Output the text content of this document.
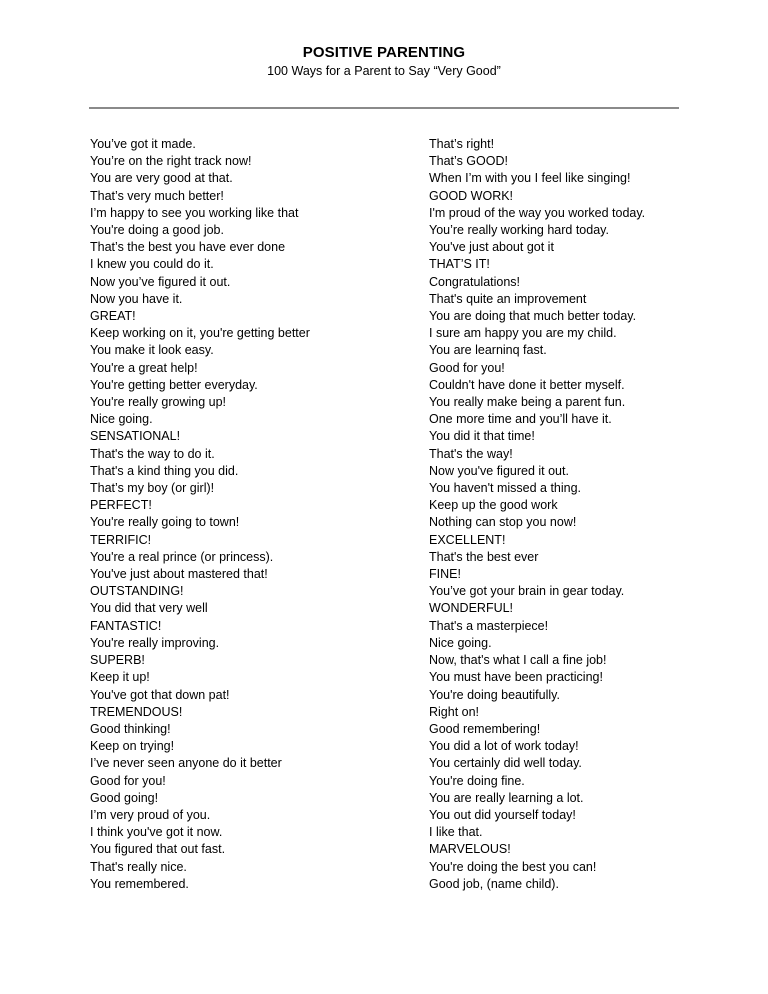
POSITIVE PARENTING
100 Ways for a Parent to Say “Very Good”
You’ve got it made.
You’re on the right track now!
You are very good at that.
That’s very much better!
I’m happy to see you working like that
You're doing a good job.
That’s the best you have ever done
I knew you could do it.
Now you’ve figured it out.
Now you have it.
GREAT!
Keep working on it, you're getting better
You make it look easy.
You're a great help!
You're getting better everyday.
You're really growing up!
Nice going.
SENSATIONAL!
That's the way to do it.
That's a kind thing you did.
That’s my boy (or girl)!
PERFECT!
You're really going to town!
TERRIFIC!
You're a real prince (or princess).
You've just about mastered that!
OUTSTANDING!
You did that very well
FANTASTIC!
You're really improving.
SUPERB!
Keep it up!
You've got that down pat!
TREMENDOUS!
Good thinking!
Keep on trying!
I’ve never seen anyone do it better
Good for you!
Good going!
I’m very proud of you.
I think you've got it now.
You figured that out fast.
That's really nice.
You remembered.
That’s right!
That’s GOOD!
When I’m with you I feel like singing!
GOOD WORK!
I'm proud of the way you worked today.
You’re really working hard today.
You've just about got it
THAT’S IT!
Congratulations!
That's quite an improvement
You are doing that much better today.
I sure am happy you are my child.
You are learninq fast.
Good for you!
Couldn't have done it better myself.
You really make being a parent fun.
One more time and you’ll have it.
You did it that time!
That's the way!
Now you've figured it out.
You haven't missed a thing.
Keep up the good work
Nothing can stop you now!
EXCELLENT!
That's the best ever
FINE!
You’ve got your brain in gear today.
WONDERFUL!
That's a masterpiece!
Nice going.
Now, that's what I call a fine job!
You must have been practicing!
You're doing beautifully.
Right on!
Good remembering!
You did a lot of work today!
You certainly did well today.
You're doing fine.
You are really learning a lot.
You out did yourself today!
I like that.
MARVELOUS!
You're doing the best you can!
Good job, (name child).
